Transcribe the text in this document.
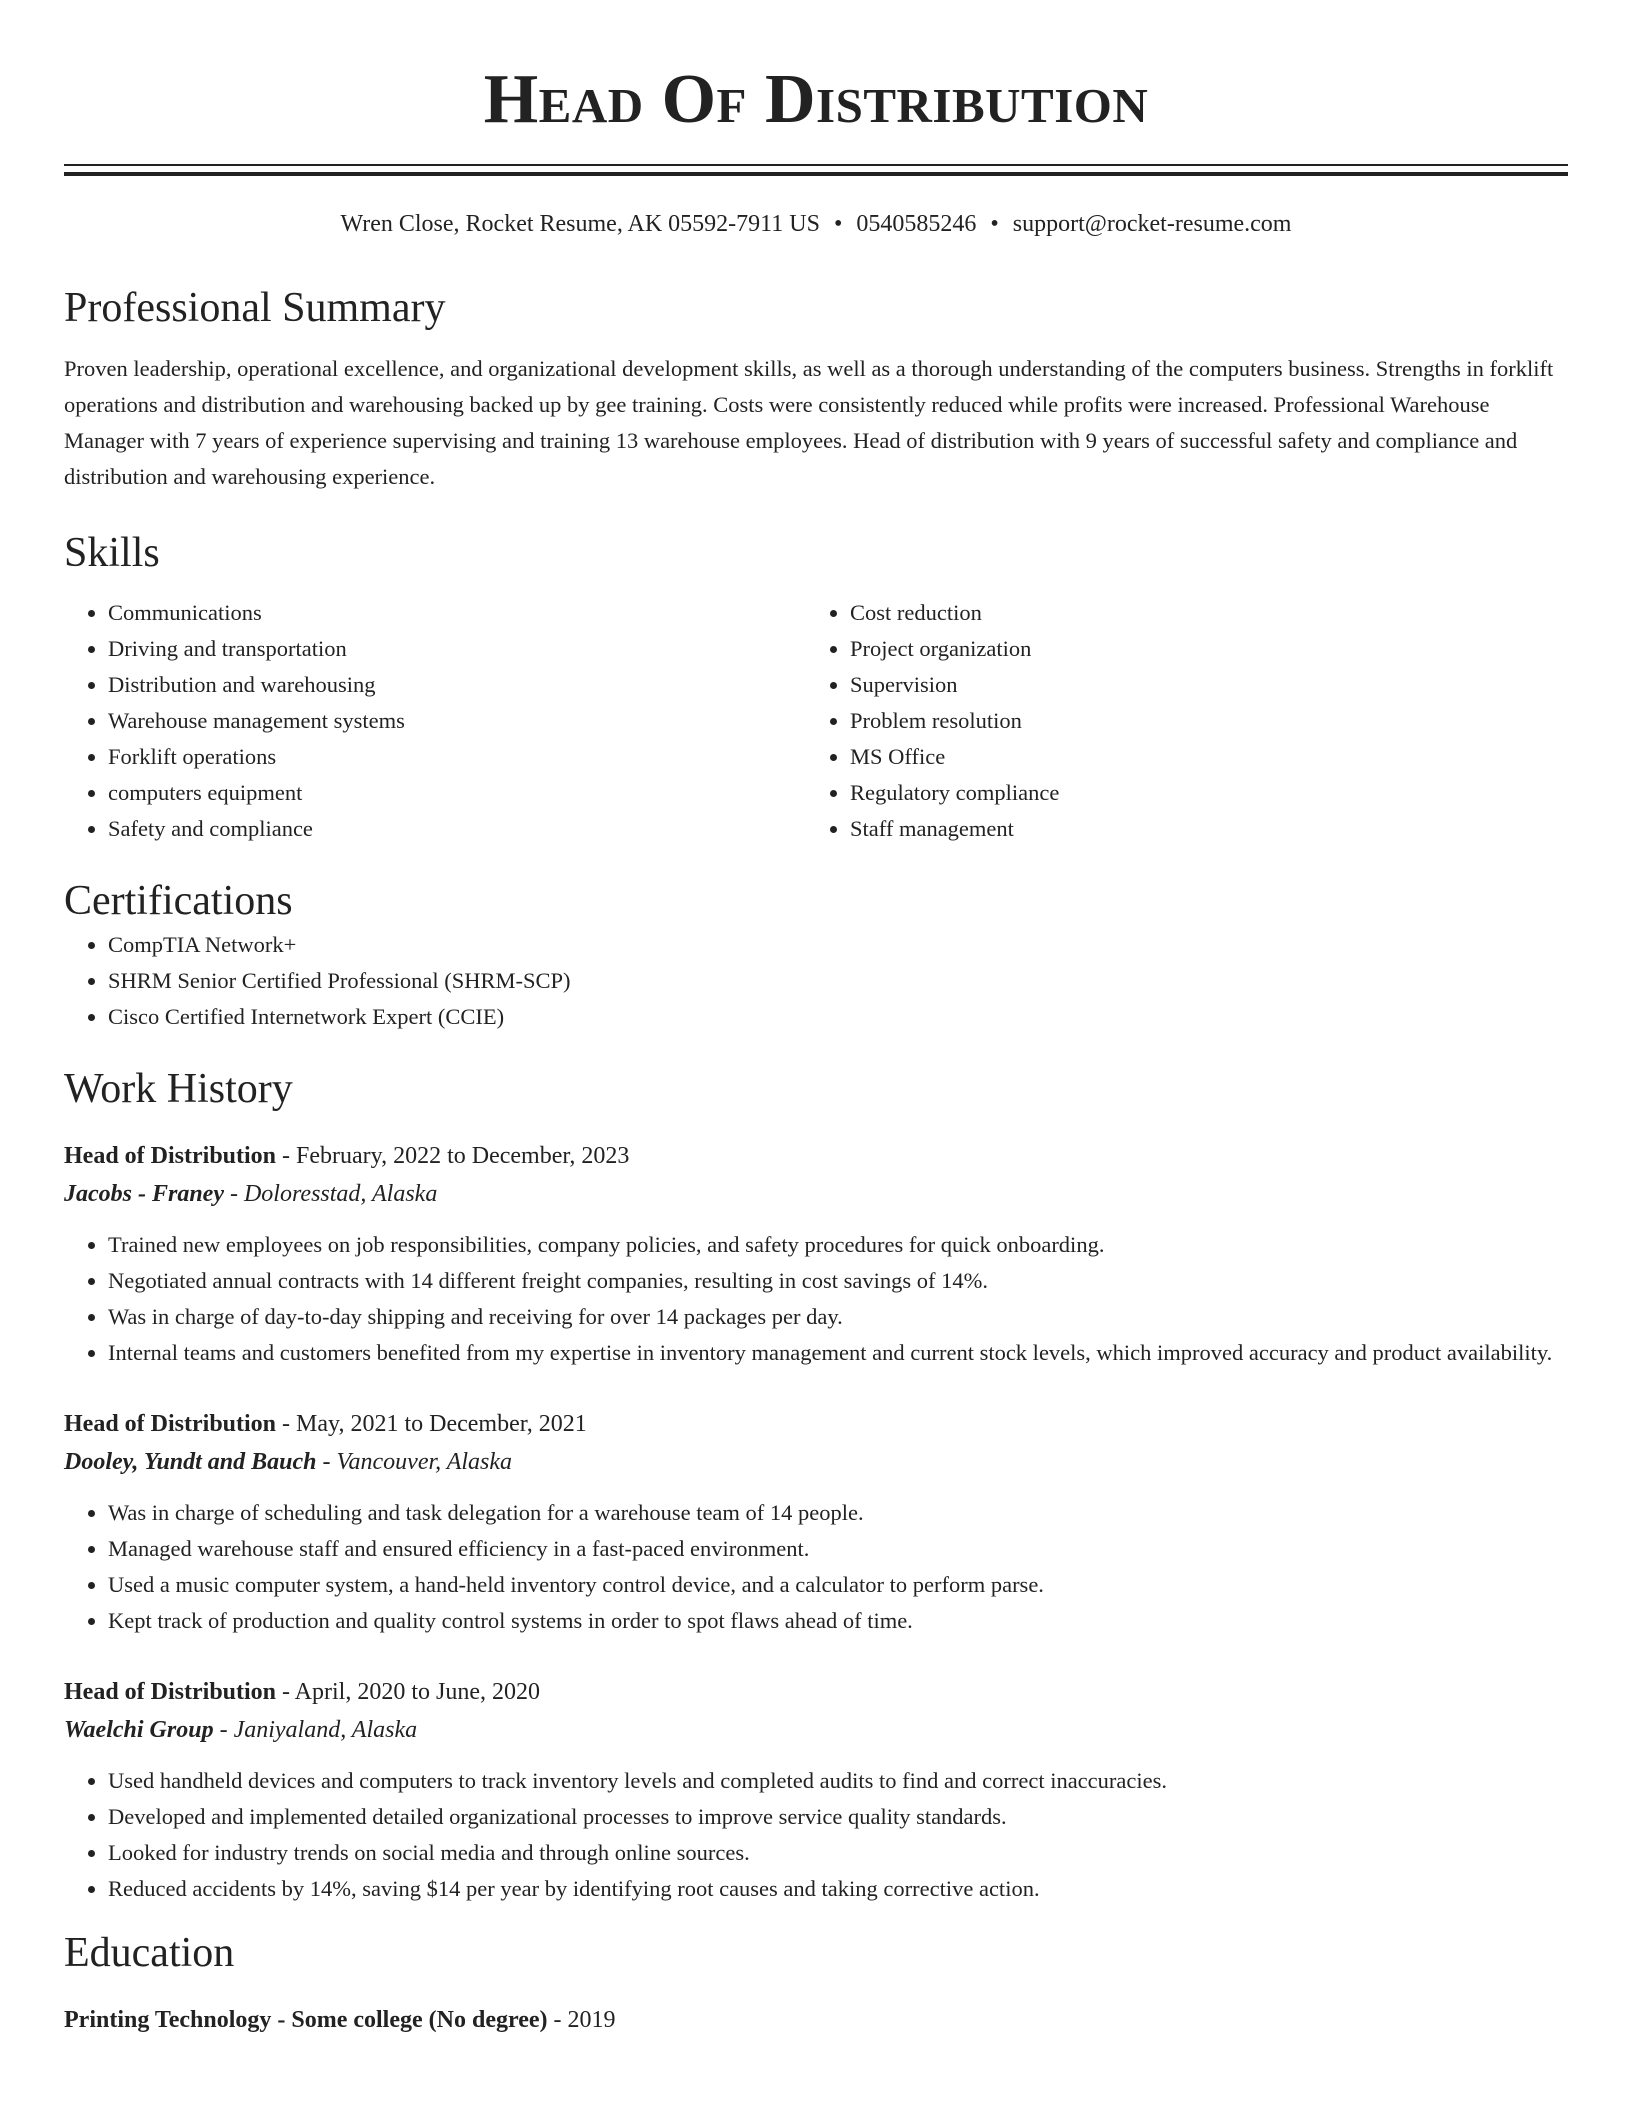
Head Of Distribution
Wren Close, Rocket Resume, AK 05592-7911 US • 0540585246 • support@rocket-resume.com
Professional Summary

Proven leadership, operational excellence, and organizational development skills, as well as a thorough understanding of the computers business. Strengths in forklift operations and distribution and warehousing backed up by gee training. Costs were consistently reduced while profits were increased. Professional Warehouse Manager with 7 years of experience supervising and training 13 warehouse employees. Head of distribution with 9 years of successful safety and compliance and distribution and warehousing experience.

Skills
• Communications
• Driving and transportation
• Distribution and warehousing
• Warehouse management systems
• Forklift operations
• computers equipment
• Safety and compliance
• Cost reduction
• Project organization
• Supervision
• Problem resolution
• MS Office
• Regulatory compliance
• Staff management
Certifications
• CompTIA Network+
• SHRM Senior Certified Professional (SHRM-SCP)
• Cisco Certified Internetwork Expert (CCIE)
Work History

Head of Distribution - February, 2022 to December, 2023

Jacobs - Franey - Doloresstad, Alaska

• Trained new employees on job responsibilities, company policies, and safety procedures for quick onboarding.
• Negotiated annual contracts with 14 different freight companies, resulting in cost savings of 14%.
• Was in charge of day-to-day shipping and receiving for over 14 packages per day.
• Internal teams and customers benefited from my expertise in inventory management and current stock levels, which improved accuracy and product availability.

Head of Distribution - May, 2021 to December, 2021

Dooley, Yundt and Bauch - Vancouver, Alaska

• Was in charge of scheduling and task delegation for a warehouse team of 14 people.
• Managed warehouse staff and ensured efficiency in a fast-paced environment.
• Used a music computer system, a hand-held inventory control device, and a calculator to perform parse.
• Kept track of production and quality control systems in order to spot flaws ahead of time.

Head of Distribution - April, 2020 to June, 2020

Waelchi Group - Janiyaland, Alaska

• Used handheld devices and computers to track inventory levels and completed audits to find and correct inaccuracies.
• Developed and implemented detailed organizational processes to improve service quality standards.
• Looked for industry trends on social media and through online sources.
• Reduced accidents by 14%, saving $14 per year by identifying root causes and taking corrective action.
Education

Printing Technology - Some college (No degree) - 2019
